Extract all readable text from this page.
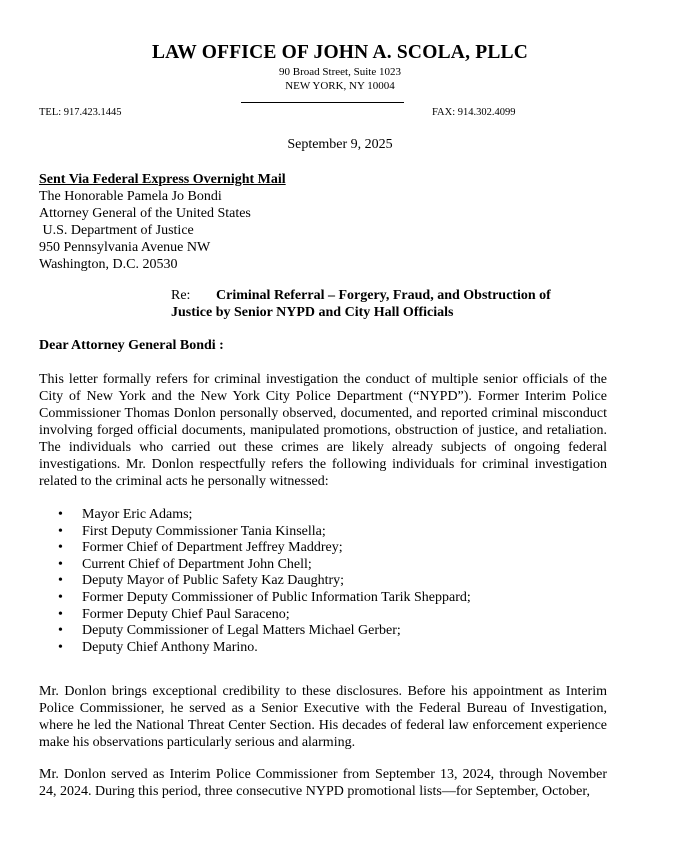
LAW OFFICE OF JOHN A. SCOLA, PLLC
90 Broad Street, Suite 1023
NEW YORK, NY 10004
TEL: 917.423.1445	FAX: 914.302.4099
September 9, 2025
Sent Via Federal Express Overnight Mail
The Honorable Pamela Jo Bondi
Attorney General of the United States
U.S. Department of Justice
950 Pennsylvania Avenue NW
Washington, D.C. 20530
Re: Criminal Referral – Forgery, Fraud, and Obstruction of
Justice by Senior NYPD and City Hall Officials
Dear Attorney General Bondi :
This letter formally refers for criminal investigation the conduct of multiple senior officials of the City of New York and the New York City Police Department (“NYPD”). Former Interim Police Commissioner Thomas Donlon personally observed, documented, and reported criminal misconduct involving forged official documents, manipulated promotions, obstruction of justice, and retaliation. The individuals who carried out these crimes are likely already subjects of ongoing federal investigations. Mr. Donlon respectfully refers the following individuals for criminal investigation related to the criminal acts he personally witnessed:
• Mayor Eric Adams;
• First Deputy Commissioner Tania Kinsella;
• Former Chief of Department Jeffrey Maddrey;
• Current Chief of Department John Chell;
• Deputy Mayor of Public Safety Kaz Daughtry;
• Former Deputy Commissioner of Public Information Tarik Sheppard;
• Former Deputy Chief Paul Saraceno;
• Deputy Commissioner of Legal Matters Michael Gerber;
• Deputy Chief Anthony Marino.
Mr. Donlon brings exceptional credibility to these disclosures. Before his appointment as Interim Police Commissioner, he served as a Senior Executive with the Federal Bureau of Investigation, where he led the National Threat Center Section. His decades of federal law enforcement experience make his observations particularly serious and alarming.
Mr. Donlon served as Interim Police Commissioner from September 13, 2024, through November 24, 2024. During this period, three consecutive NYPD promotional lists—for September, October,
